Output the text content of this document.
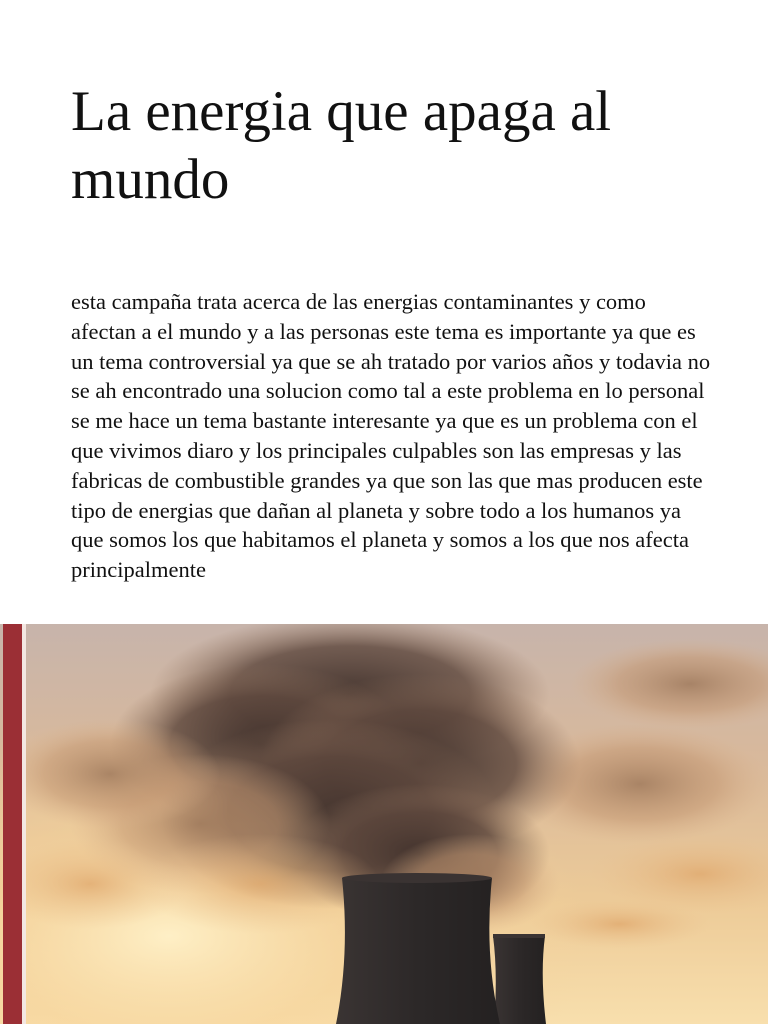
La energia que apaga al mundo

esta campaña trata acerca de las energias contaminantes y como afectan a el mundo y a las personas este tema es importante ya que es un tema controversial ya que se ah tratado por varios años y todavia no se ah encontrado una solucion como tal a este problema en lo personal se me hace un tema bastante interesante ya que es un problema con el que vivimos diaro y los principales culpables son las empresas y las fabricas de combustible grandes ya que son las que mas producen este tipo de energias que dañan al planeta y sobre todo a los humanos ya que somos los que habitamos el planeta y somos a los que nos afecta principalmente
